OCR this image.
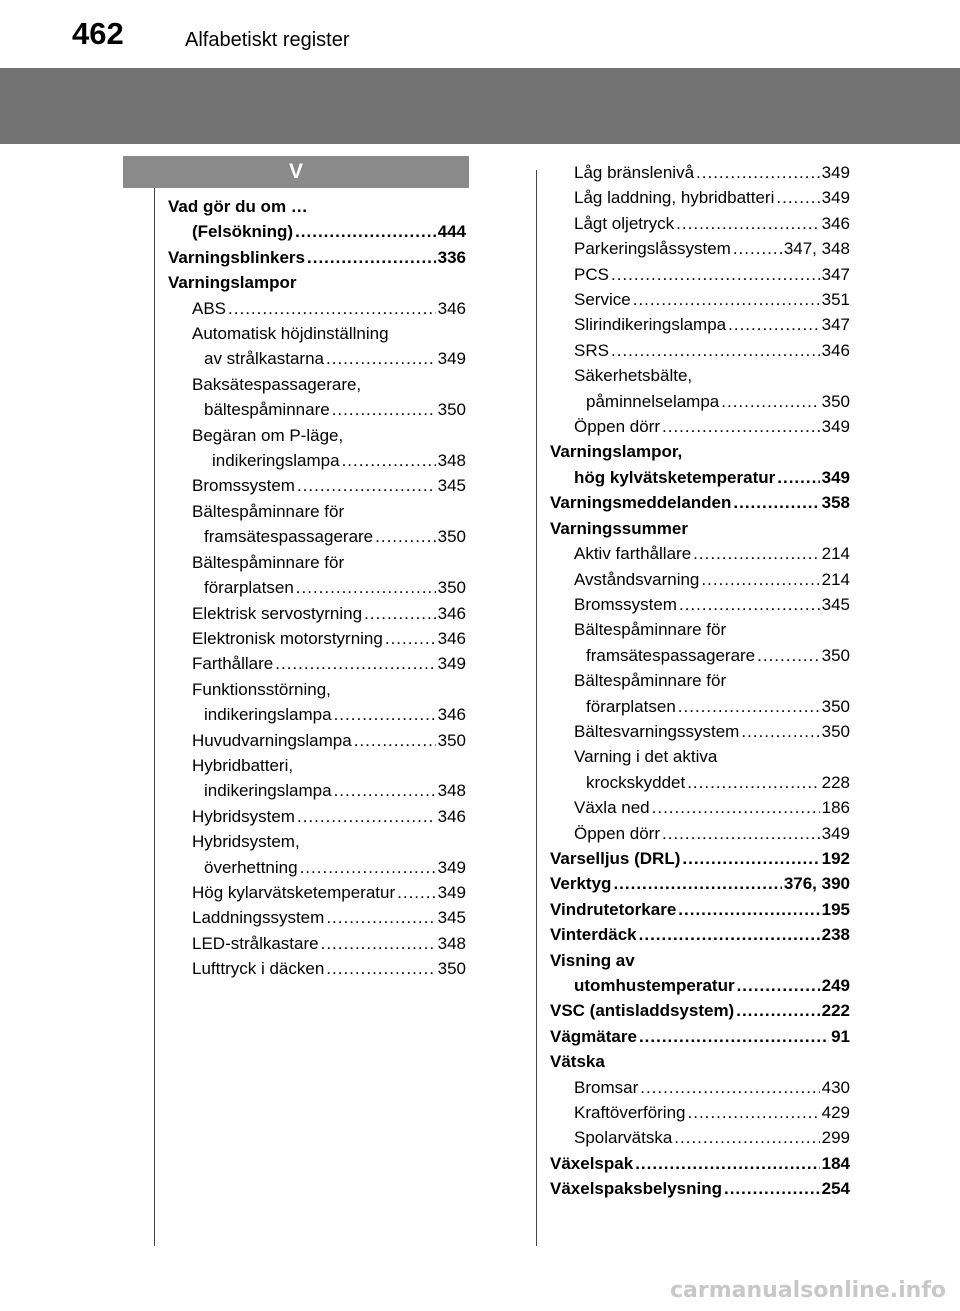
462	Alfabetiskt register
V
Vad gör du om …
(Felsökning) .....	444
Varningsblinkers .....	336
Varningslampor
ABS .....	346
Automatisk höjdinställning
av strålkastarna .....	349
Baksätespassagerare,
bältespåminnare .....	350
Begäran om P-läge,
indikeringslampa .....	348
Bromssystem .....	345
Bältespåminnare för
framsätespassagerare .....	350
Bältespåminnare för
förarplatsen .....	350
Elektrisk servostyrning .....	346
Elektronisk motorstyrning .....	346
Farthållare .....	349
Funktionsstörning,
indikeringslampa .....	346
Huvudvarningslampa .....	350
Hybridbatteri,
indikeringslampa .....	348
Hybridsystem .....	346
Hybridsystem,
överhettning .....	349
Hög kylarvätsketemperatur ..... 349
Laddningssystem .....	345
LED-strålkastare .....	348
Lufttryck i däcken .....	350
Låg bränslenivå .....	349
Låg laddning, hybridbatteri .....	349
Lågt oljetryck .....	346
Parkeringslåssystem .....	347, 348
PCS .....	347
Service .....	351
Slirindikeringslampa .....	347
SRS .....	346
Säkerhetsbälte,
påminnelselampa .....	350
Öppen dörr .....	349
Varningslampor,
hög kylvätsketemperatur .....	349
Varningsmeddelanden .....	358
Varningssummer
Aktiv farthållare .....	214
Avståndsvarning .....	214
Bromssystem .....	345
Bältespåminnare för
framsätespassagerare .....	350
Bältespåminnare för
förarplatsen .....	350
Bältesvarningssystem .....	350
Varning i det aktiva
krockskyddet .....	228
Växla ned .....	186
Öppen dörr .....	349
Varselljus (DRL) .....	192
Verktyg .....	376, 390
Vindrutetorkare .....	195
Vinterdäck .....	238
Visning av
utomhustemperatur .....	249
VSC (antisladdsystem) .....	222
Vägmätare .....	91
Vätska
Bromsar .....	430
Kraftöverföring .....	429
Spolarvätska .....	299
Växelspak .....	184
Växelspaksbelysning .....	254
carmanualsonline.info
